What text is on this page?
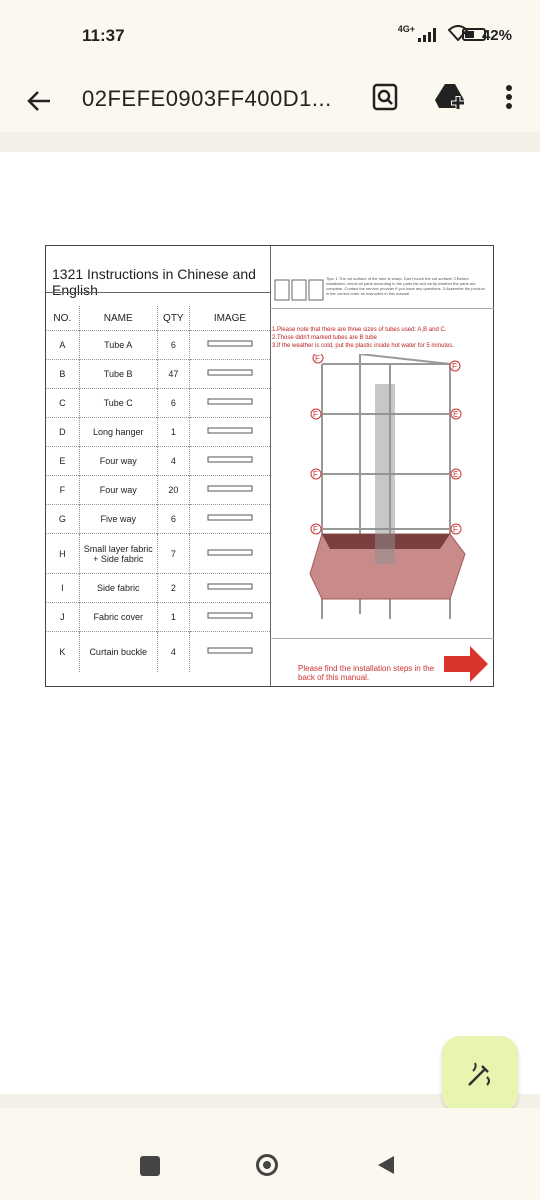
11:37	4G+	42%
02FEFE0903FF400D1...
1321 Instructions in Chinese and English
NO.	NAME	QTY	IMAGE
A	Tube A	6	
B	Tube B	47	
C	Tube C	6	
D	Long hanger	1	
E	Four way	4	
F	Four way	20	
G	Five way	6	
H	Small layer fabric + Side fabric	7	
I	Side fabric	2	
J	Fabric cover	1	
K	Curtain buckle	4	
Tips: 1.The cut surface of the tube is sharp. Don't touch the cut surface! 2.Before installation, check all parts according to the parts list and verify whether the parts are complete. Contact the service provider if you have any questions. 3.Assemble the product in the correct order as instructed in this manual.
1.Please note that there are three sizes of tubes used: A,B and C.
2.Those didn't marked tubes are B tube
3.If the weather is cold, put the plastic inside hot water for 5 minutes.
F
F
F	E
F	E
F	F
Please find the installation steps in the back of this manual.
